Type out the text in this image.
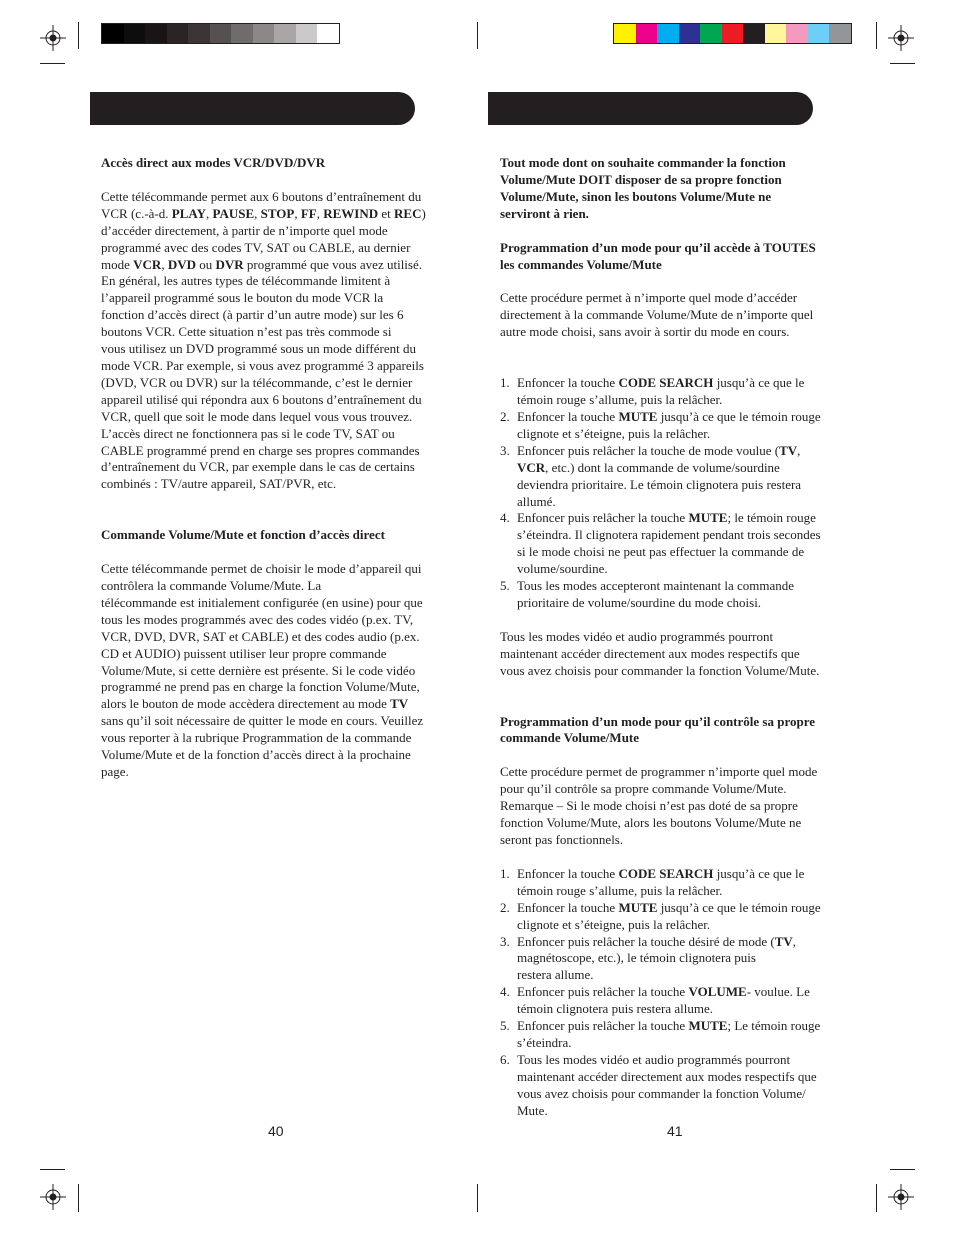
Accès direct aux modes VCR/DVD/DVR

Cette télécommande permet aux 6 boutons d’entraînement du

VCR (c.-à-d. PLAY, PAUSE, STOP, FF, REWIND et REC)

d’accéder directement, à partir de n’importe quel mode

programmé avec des codes TV, SAT ou CABLE, au dernier

mode VCR, DVD ou DVR programmé que vous avez utilisé.

En général, les autres types de télécommande limitent à

l’appareil programmé sous le bouton du mode VCR la

fonction d’accès direct (à partir d’un autre mode) sur les 6

boutons VCR. Cette situation n’est pas très commode si

vous utilisez un DVD programmé sous un mode différent du

mode VCR. Par exemple, si vous avez programmé 3 appareils

(DVD, VCR ou DVR) sur la télécommande, c’est le dernier

appareil utilisé qui répondra aux 6 boutons d’entraînement du

VCR, quell que soit le mode dans lequel vous vous trouvez.

L’accès direct ne fonctionnera pas si le code TV, SAT ou

CABLE programmé prend en charge ses propres commandes

d’entraînement du VCR, par exemple dans le cas de certains

combinés : TV/autre appareil, SAT/PVR, etc.

Commande Volume/Mute et fonction d’accès direct

Cette télécommande permet de choisir le mode d’appareil qui

contrôlera la commande Volume/Mute. La

télécommande est initialement configurée (en usine) pour que

tous les modes programmés avec des codes vidéo (p.ex. TV,

VCR, DVD, DVR, SAT et CABLE) et des codes audio (p.ex.

CD et AUDIO) puissent utiliser leur propre commande

Volume/Mute, si cette dernière est présente. Si le code vidéo

programmé ne prend pas en charge la fonction Volume/Mute,

alors le bouton de mode accèdera directement au mode TV

sans qu’il soit nécessaire de quitter le mode en cours. Veuillez

vous reporter à la rubrique Programmation de la commande

Volume/Mute et de la fonction d’accès direct à la prochaine

page.

40

Tout mode dont on souhaite commander la fonction

Volume/Mute DOIT disposer de sa propre fonction

Volume/Mute, sinon les boutons Volume/Mute ne

serviront à rien.

Programmation d’un mode pour qu’il accède à TOUTES

les commandes Volume/Mute

Cette procédure permet à n’importe quel mode d’accéder

directement à la commande Volume/Mute de n’importe quel

autre mode choisi, sans avoir à sortir du mode en cours.

1. Enfoncer la touche CODE SEARCH jusqu’à ce que le
témoin rouge s’allume, puis la relâcher.
2. Enfoncer la touche MUTE jusqu’à ce que le témoin rouge
clignote et s’éteigne, puis la relâcher.
3. Enfoncer puis relâcher la touche de mode voulue (TV,
VCR, etc.) dont la commande de volume/sourdine
deviendra prioritaire. Le témoin clignotera puis restera
allumé.
4. Enfoncer puis relâcher la touche MUTE; le témoin rouge
s’éteindra. Il clignotera rapidement pendant trois secondes
si le mode choisi ne peut pas effectuer la commande de
volume/sourdine.
5. Tous les modes accepteront maintenant la commande
prioritaire de volume/sourdine du mode choisi.

Tous les modes vidéo et audio programmés pourront

maintenant accéder directement aux modes respectifs que

vous avez choisis pour commander la fonction Volume/Mute.

Programmation d’un mode pour qu’il contrôle sa propre

commande Volume/Mute

Cette procédure permet de programmer n’importe quel mode

pour qu’il contrôle sa propre commande Volume/Mute.

Remarque – Si le mode choisi n’est pas doté de sa propre

fonction Volume/Mute, alors les boutons Volume/Mute ne

seront pas fonctionnels.

1. Enfoncer la touche CODE SEARCH jusqu’à ce que le
témoin rouge s’allume, puis la relâcher.
2. Enfoncer la touche MUTE jusqu’à ce que le témoin rouge
clignote et s’éteigne, puis la relâcher.
3. Enfoncer puis relâcher la touche désiré de mode (TV,
magnétoscope, etc.), le témoin clignotera puis
restera allume.
4. Enfoncer puis relâcher la touche VOLUME- voulue. Le
témoin clignotera puis restera allume.
5. Enfoncer puis relâcher la touche MUTE; Le témoin rouge
s’éteindra.
6. Tous les modes vidéo et audio programmés pourront
maintenant accéder directement aux modes respectifs que
vous avez choisis pour commander la fonction Volume/
Mute.
41
